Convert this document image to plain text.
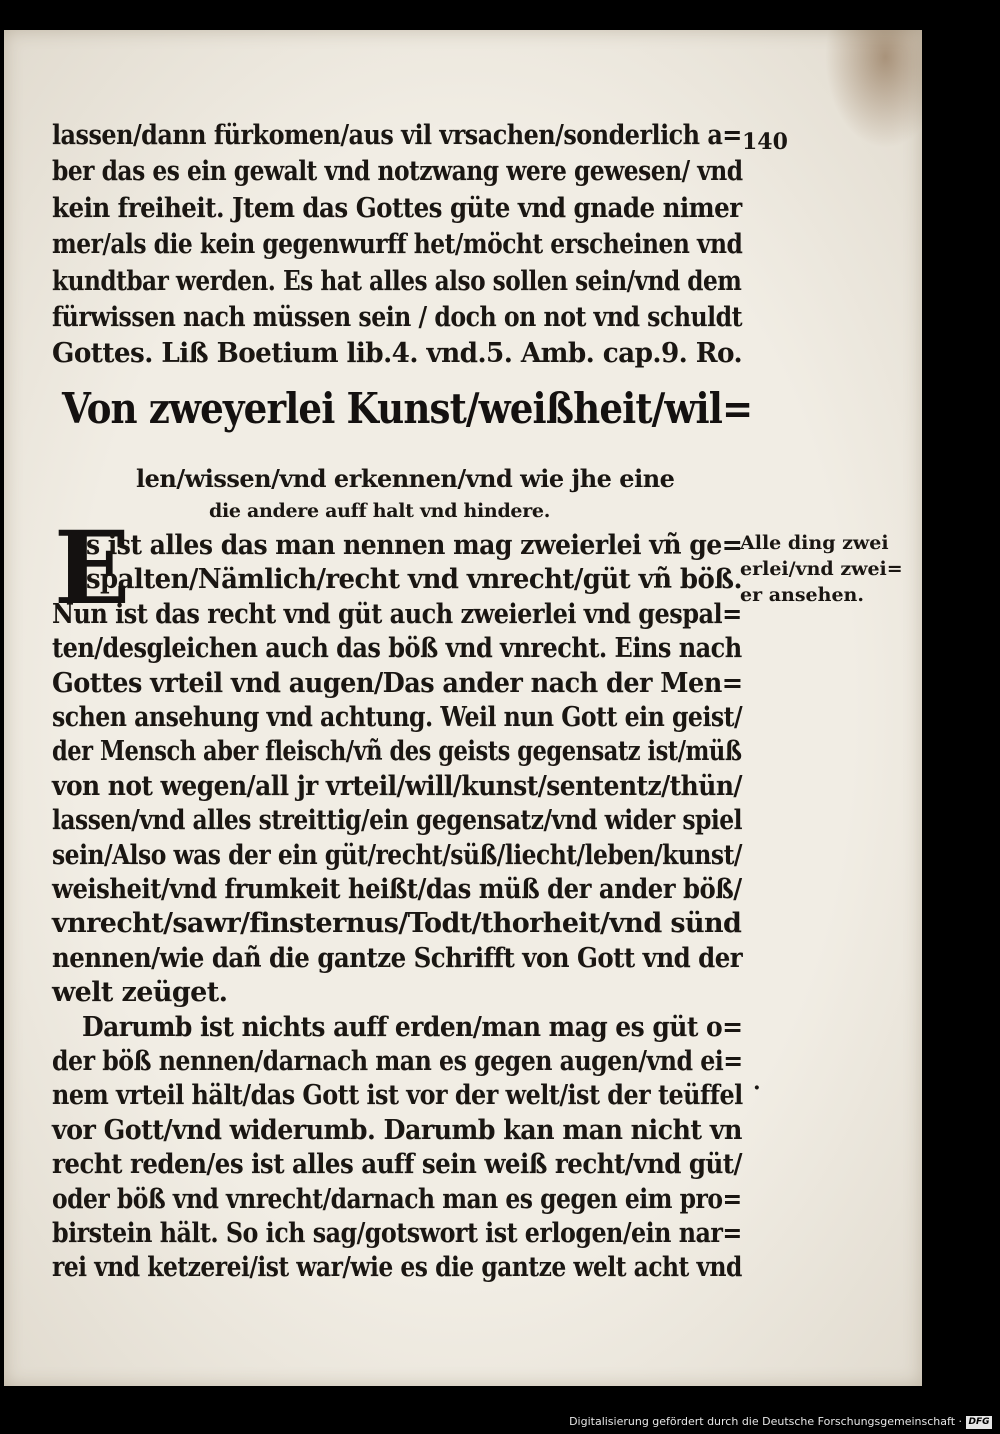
140
lassen/dann fürkomen/aus vil vrsachen/sonderlich a=
ber das es ein gewalt vnd notzwang were gewesen/ vnd
kein freiheit. Jtem das Gottes güte vnd gnade nimer
mer/als die kein gegenwurff het/möcht erscheinen vnd
kundtbar werden. Es hat alles also sollen sein/vnd dem
fürwissen nach müssen sein / doch on not vnd schuldt
Gottes. Liß Boetium lib.4. vnd.5. Amb. cap.9. Ro.
Von zweyerlei Kunst/weißheit/wil=
len/wissen/vnd erkennen/vnd wie jhe eine
die andere auff halt vnd hindere.
E
s ist alles das man nennen mag zweierlei vñ ge=
spalten/Nämlich/recht vnd vnrecht/güt vñ böß.
Nun ist das recht vnd güt auch zweierlei vnd gespal=
ten/desgleichen auch das böß vnd vnrecht. Eins nach
Gottes vrteil vnd augen/Das ander nach der Men=
schen ansehung vnd achtung. Weil nun Gott ein geist/
der Mensch aber fleisch/vñ des geists gegensatz ist/müß
von not wegen/all jr vrteil/will/kunst/sententz/thün/
lassen/vnd alles streittig/ein gegensatz/vnd wider spiel
sein/Also was der ein güt/recht/süß/liecht/leben/kunst/
weisheit/vnd frumkeit heißt/das müß der ander böß/
vnrecht/sawr/finsternus/Todt/thorheit/vnd sünd
nennen/wie dañ die gantze Schrifft von Gott vnd der
welt zeüget.
Darumb ist nichts auff erden/man mag es güt o=
der böß nennen/darnach man es gegen augen/vnd ei=
nem vrteil hält/das Gott ist vor der welt/ist der teüffel
vor Gott/vnd widerumb. Darumb kan man nicht vn
recht reden/es ist alles auff sein weiß recht/vnd güt/
oder böß vnd vnrecht/darnach man es gegen eim pro=
birstein hält. So ich sag/gotswort ist erlogen/ein nar=
rei vnd ketzerei/ist war/wie es die gantze welt acht vnd
Alle ding zwei
erlei/vnd zwei=
er ansehen.
·
Digitalisierung gefördert durch die Deutsche Forschungsgemeinschaft · DFG
